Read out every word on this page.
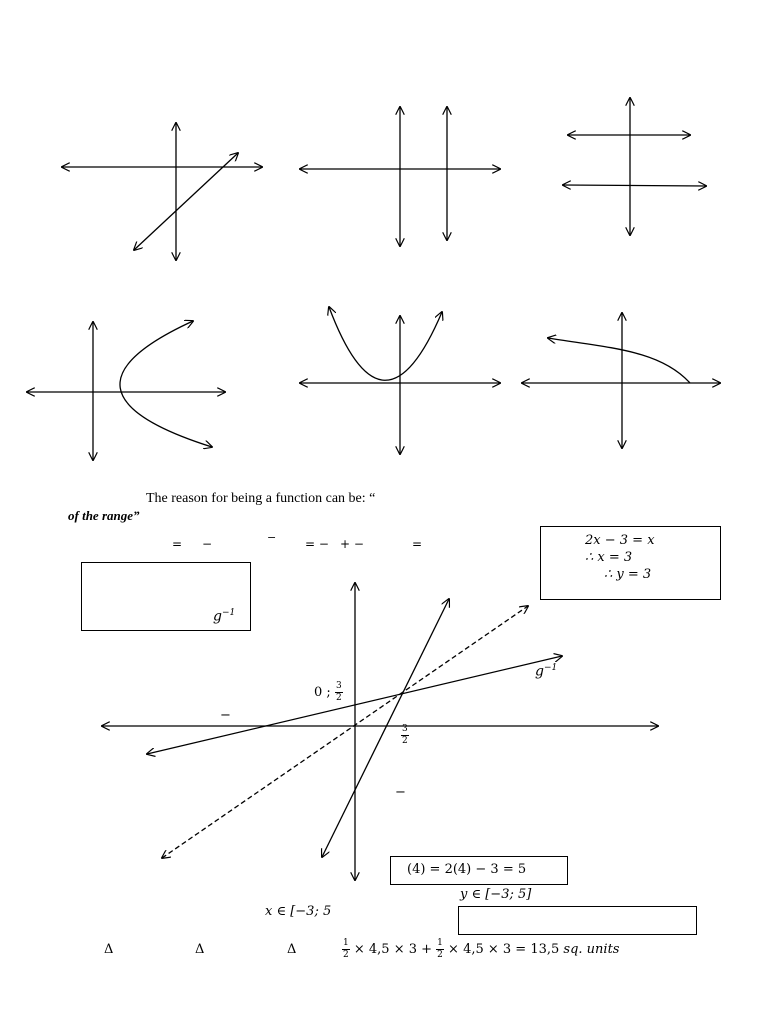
The reason for being a function can be: “
of the range”
= −	− = − + −	=	2x − 3 = x
∴ x = 3
∴ y = 3
$g^{-1}$
$g^{-1}$
0 ; $\frac{3}{2}$
$\frac{3}{2}$
−
−
(4) = 2(4) − 3 = 5
y ∈ [−3; 5]
x ∈ [−3; 5
Δ	Δ	Δ	$\frac{1}{2} \times 4,5 \times 3 + \frac{1}{2} \times 4,5 \times 3 = 13,5$ sq. units
